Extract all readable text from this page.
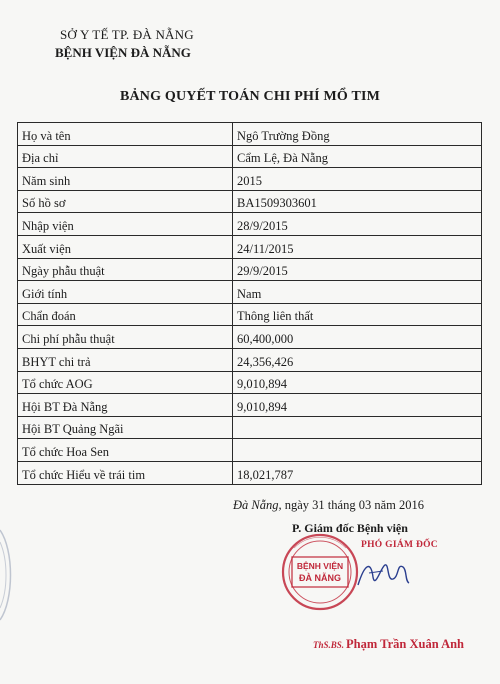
SỞ Y TẾ TP. ĐÀ NẴNG
BỆNH VIỆN ĐÀ NẴNG
BẢNG QUYẾT TOÁN CHI PHÍ MỔ TIM
Họ và tên	Ngô Trường Đồng
Địa chỉ	Cẩm Lệ, Đà Nẵng
Năm sinh	2015
Số hồ sơ	BA1509303601
Nhập viện	28/9/2015
Xuất viện	24/11/2015
Ngày phẫu thuật	29/9/2015
Giới tính	Nam
Chẩn đoán	Thông liên thất
Chi phí phẫu thuật	60,400,000
BHYT chi trả	24,356,426
Tổ chức AOG	9,010,894
Hội BT Đà Nẵng	9,010,894
Hội BT Quảng Ngãi	
Tổ chức Hoa Sen	
Tổ chức Hiểu về trái tim	18,021,787
Đà Nẵng, ngày 31 tháng 03 năm 2016
P. Giám đốc Bệnh viện
BỆNH VIỆN
ĐÀ NẴNG
PHÓ GIÁM ĐỐC
ThS.BS. Phạm Trần Xuân Anh
